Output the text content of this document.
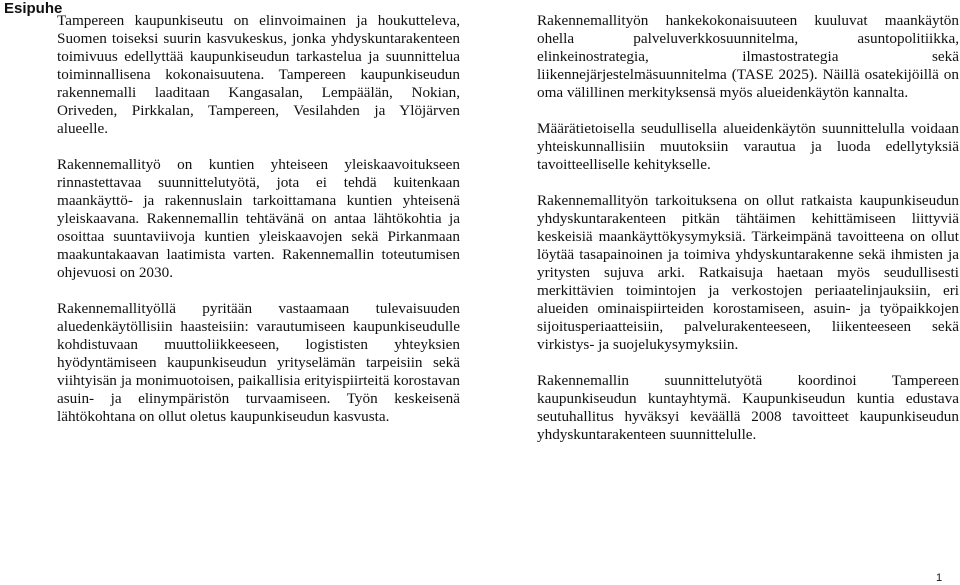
Esipuhe

Tampereen kaupunkiseutu on elinvoimainen ja houkutteleva, Suomen toiseksi suurin kasvukeskus, jonka yhdyskuntarakenteen toimivuus edellyttää kaupunkiseudun tarkastelua ja suunnittelua toiminnallisena kokonaisuutena. Tampereen kaupunkiseudun rakennemalli laaditaan Kangasalan, Lempäälän, Nokian, Oriveden, Pirkkalan, Tampereen, Vesilahden ja Ylöjärven alueelle.

Rakennemallityö on kuntien yhteiseen yleiskaavoitukseen rinnastettavaa suunnittelutyötä, jota ei tehdä kuitenkaan maankäyttö- ja rakennuslain tarkoittamana kuntien yhteisenä yleiskaavana. Rakennemallin tehtävänä on antaa lähtökohtia ja osoittaa suuntaviivoja kuntien yleiskaavojen sekä Pirkanmaan maakuntakaavan laatimista varten. Rakennemallin toteutumisen ohjevuosi on 2030.

Rakennemallityöllä pyritään vastaamaan tulevaisuuden aluedenkäytöllisiin haasteisiin: varautumiseen kaupunkiseudulle kohdistuvaan muuttoliikkeeseen, logististen yhteyksien hyödyntämiseen kaupunkiseudun yrityselämän tarpeisiin sekä viihtyisän ja monimuotoisen, paikallisia erityispiirteitä korostavan asuin- ja elinympäristön turvaamiseen. Työn keskeisenä lähtökohtana on ollut oletus kaupunkiseudun kasvusta.

Rakennemallityön hankekokonaisuuteen kuuluvat maankäytön ohella palveluverkkosuunnitelma, asuntopolitiikka, elinkeinostrategia, ilmastostrategia sekä liikennejärjestelmäsuunnitelma (TASE 2025). Näillä osatekijöillä on oma välillinen merkityksensä myös alueidenkäytön kannalta.

Määrätietoisella seudullisella alueidenkäytön suunnittelulla voidaan yhteiskunnallisiin muutoksiin varautua ja luoda edellytyksiä tavoitteelliselle kehitykselle.

Rakennemallityön tarkoituksena on ollut ratkaista kaupunkiseudun yhdyskuntarakenteen pitkän tähtäimen kehittämiseen liittyviä keskeisiä maankäyttökysymyksiä. Tärkeimpänä tavoitteena on ollut löytää tasapainoinen ja toimiva yhdyskuntarakenne sekä ihmisten ja yritysten sujuva arki. Ratkaisuja haetaan myös seudullisesti merkittävien toimintojen ja verkostojen periaatelinjauksiin, eri alueiden ominaispiirteiden korostamiseen, asuin- ja työpaikkojen sijoitusperiaatteisiin, palvelurakenteeseen, liikenteeseen sekä virkistys- ja suojelukysymyksiin.

Rakennemallin suunnittelutyötä koordinoi Tampereen kaupunkiseudun kuntayhtymä. Kaupunkiseudun kuntia edustava seutuhallitus hyväksyi keväällä 2008 tavoitteet kaupunkiseudun yhdyskuntarakenteen suunnittelulle.

1
